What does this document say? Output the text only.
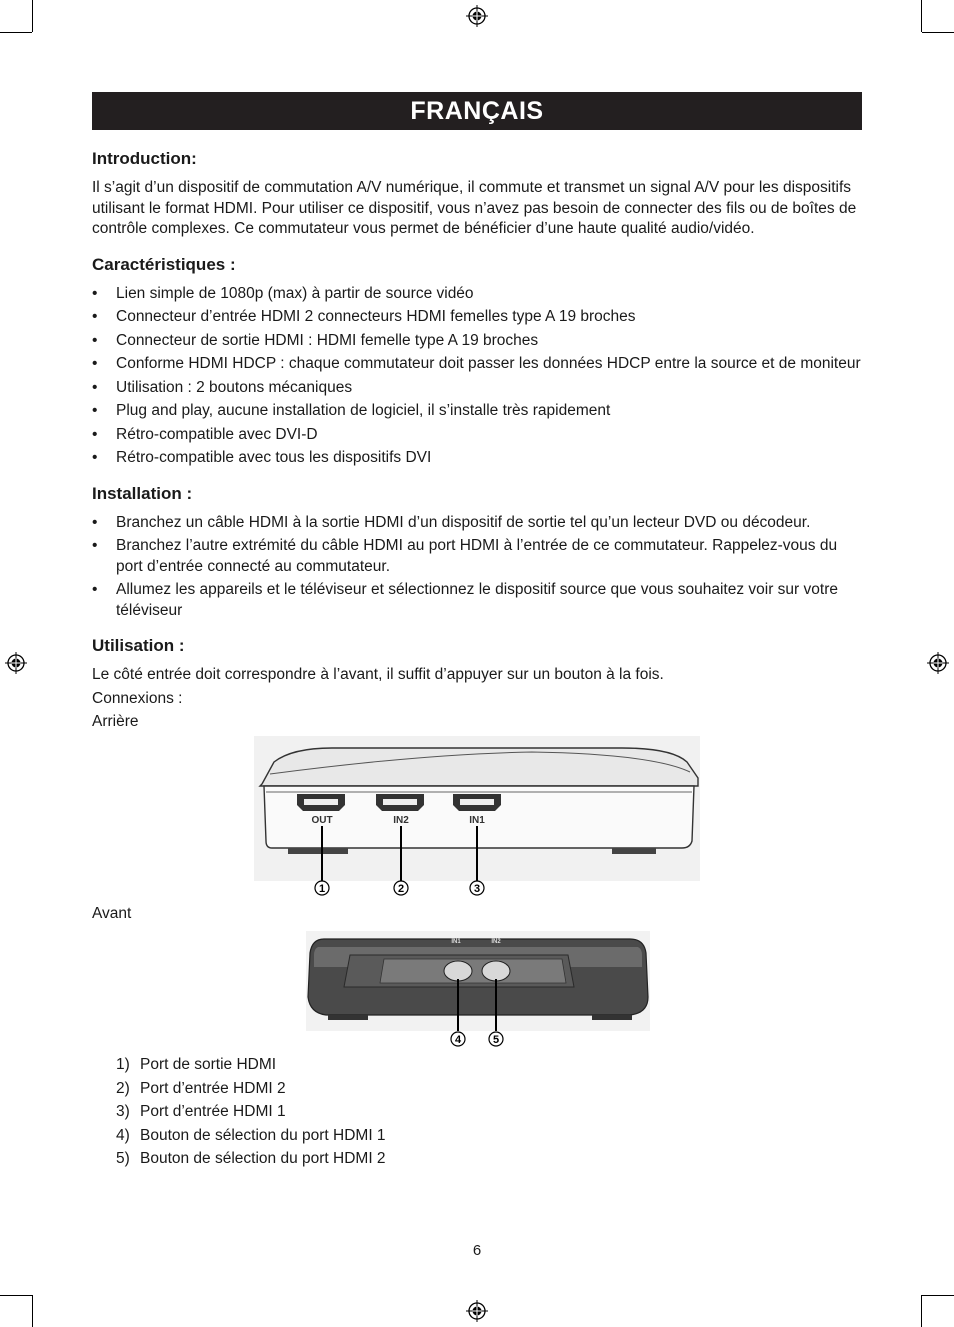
FRANÇAIS
Introduction:

Il s’agit d’un dispositif de commutation A/V numérique, il commute et transmet un signal A/V pour les dispositifs utilisant le format HDMI. Pour utiliser ce dispositif, vous n’avez pas besoin de connecter des fils ou de boîtes de contrôle complexes. Ce commutateur vous permet de bénéficier d’une haute qualité audio/vidéo.

Caractéristiques :
• Lien simple de 1080p (max) à partir de source vidéo
• Connecteur d’entrée HDMI 2 connecteurs HDMI femelles type A 19 broches
• Connecteur de sortie HDMI : HDMI femelle type A 19 broches
• Conforme HDMI HDCP : chaque commutateur doit passer les données HDCP entre la source et de moniteur
• Utilisation : 2 boutons mécaniques
• Plug and play, aucune installation de logiciel, il s’installe très rapidement
• Rétro-compatible avec DVI-D
• Rétro-compatible avec tous les dispositifs DVI
Installation :
• Branchez un câble HDMI à la sortie HDMI d’un dispositif de sortie tel qu’un lecteur DVD ou décodeur.
• Branchez l’autre extrémité du câble HDMI au port HDMI à l’entrée de ce commutateur. Rappelez-vous du port d’entrée connecté au commutateur.
• Allumez les appareils et le téléviseur et sélectionnez le dispositif source que vous souhaitez voir sur votre téléviseur
Utilisation :

Le côté entrée doit correspondre à l’avant, il suffit d’appuyer sur un bouton à la fois.

Connexions :

Arrière

OUT	IN2	IN1
1	2	3

Avant

IN1	IN2
4	5
1) Port de sortie HDMI
2) Port d’entrée HDMI 2
3) Port d’entrée HDMI 1
4) Bouton de sélection du port HDMI 1
5) Bouton de sélection du port HDMI 2
6
